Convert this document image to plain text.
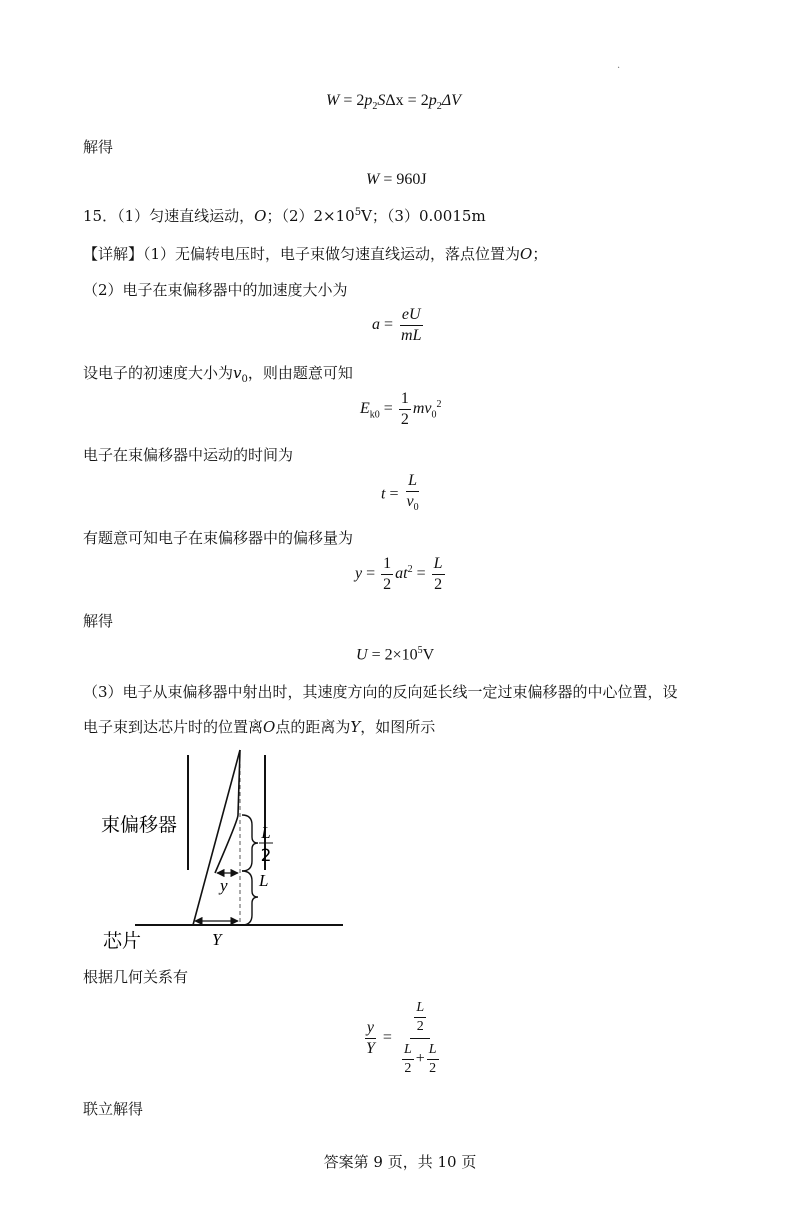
.
$W = 2p_2S\Delta x = 2p_2\Delta V$
解得
W = 960J
15．（1）匀速直线运动，O；$(2)2\times 10^5V$；（3）0.0015m
【详解】（1）无偏转电压时，电子束做匀速直线运动，落点位置为O；
（2）电子在束偏移器中的加速度大小为
$a = \frac{eU}{mL}$
设电子的初速度大小为$v_0$，则由题意可知
$E_{k0} = \frac{1}{2} mv_0^2$
电子在束偏移器中运动的时间为
$t = \frac{L}{v_0}$
有题意可知电子在束偏移器中的偏移量为
$y = \frac{1}{2} at^2 = \frac{L}{2}$
解得
$U = 2\times 10^5V$
（3）电子从束偏移器中射出时，其速度方向的反向延长线一定过束偏移器的中心位置，设
电子束到达芯片时的位置离O点的距离为Y，如图所示
束偏移器
芯片
L
2
L
y
Y
根据几何关系有
$\frac{y}{Y} = \frac{\frac{L}{2}}{\frac{L}{2} + \frac{L}{2}}$
联立解得
答案第 9 页，共 10 页
